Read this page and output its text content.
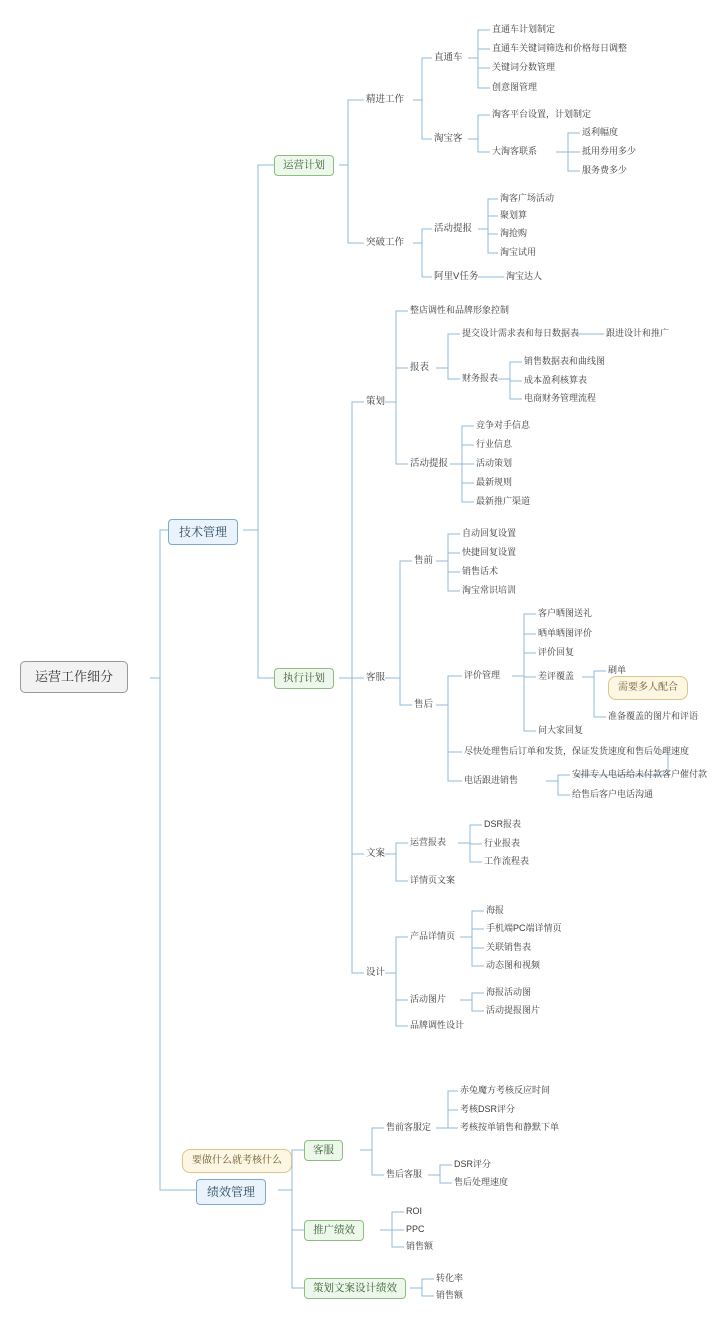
运营工作细分
技术管理
绩效管理
要做什么就考核什么
运营计划
执行计划
客服
推广绩效
策划文案设计绩效
精进工作
突破工作
直通车
直通车计划制定
直通车关键词筛选和价格每日调整
关键词分数管理
创意图管理
淘宝客
淘客平台设置，计划制定
大淘客联系
返利幅度
抵用券用多少
服务费多少
活动提报
淘客广场活动
聚划算
淘抢购
淘宝试用
阿里V任务	淘宝达人
策划
整店调性和品牌形象控制
报表
提交设计需求表和每日数据表	跟进设计和推广
财务报表
销售数据表和曲线图
成本盈利核算表
电商财务管理流程
活动提报
竞争对手信息
行业信息
活动策划
最新规则
最新推广渠道
客服
售前
自动回复设置
快捷回复设置
销售话术
淘宝常识培训
售后
评价管理
客户晒图送礼
晒单晒图评价
评价回复
差评覆盖
问大家回复
刷单
准备覆盖的图片和评语
需要多人配合
尽快处理售后订单和发货，保证发货速度和售后处理速度
电话跟进销售
安排专人电话给未付款客户催付款
给售后客户电话沟通
文案
运营报表
DSR报表
行业报表
工作流程表
详情页文案
设计
产品详情页
海报
手机端PC端详情页
关联销售表
动态图和视频
活动图片
海报活动图
活动提报图片
品牌调性设计
售前客服定
赤兔魔方考核反应时间
考核DSR评分
考核按单销售和静默下单
售后客服
DSR评分
售后处理速度
ROI
PPC
销售额
转化率
销售额
